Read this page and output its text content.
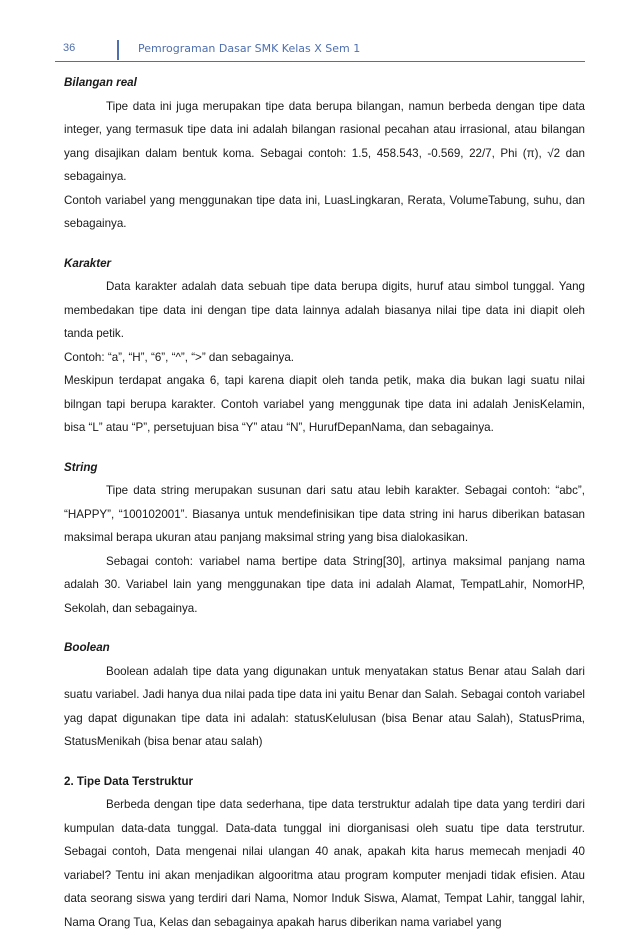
36	Pemrograman Dasar SMK Kelas X Sem 1
Bilangan real

Tipe data ini juga merupakan tipe data berupa bilangan, namun berbeda dengan tipe data integer, yang termasuk tipe data ini adalah bilangan rasional pecahan atau irrasional, atau bilangan yang disajikan dalam bentuk koma. Sebagai contoh: 1.5, 458.543, -0.569, 22/7, Phi (π), √2 dan sebagainya.

Contoh variabel yang menggunakan tipe data ini, LuasLingkaran, Rerata, VolumeTabung, suhu, dan sebagainya.

Karakter

Data karakter adalah data sebuah tipe data berupa digits, huruf atau simbol tunggal. Yang membedakan tipe data ini dengan tipe data lainnya adalah biasanya nilai tipe data ini diapit oleh tanda petik.

Contoh: “a”, “H”, “6”, “^”, “>” dan sebagainya.

Meskipun terdapat angaka 6, tapi karena diapit oleh tanda petik, maka dia bukan lagi suatu nilai bilngan tapi berupa karakter. Contoh variabel yang menggunak tipe data ini adalah JenisKelamin, bisa “L” atau “P”, persetujuan bisa “Y” atau “N”, HurufDepanNama, dan sebagainya.

String

Tipe data string merupakan susunan dari satu atau lebih karakter. Sebagai contoh: “abc”, “HAPPY”, “100102001”. Biasanya untuk mendefinisikan tipe data string ini harus diberikan batasan maksimal berapa ukuran atau panjang maksimal string yang bisa dialokasikan.

Sebagai contoh: variabel nama bertipe data String[30], artinya maksimal panjang nama adalah 30. Variabel lain yang menggunakan tipe data ini adalah Alamat, TempatLahir, NomorHP, Sekolah, dan sebagainya.

Boolean

Boolean adalah tipe data yang digunakan untuk menyatakan status Benar atau Salah dari suatu variabel. Jadi hanya dua nilai pada tipe data ini yaitu Benar dan Salah. Sebagai contoh variabel yag dapat digunakan tipe data ini adalah: statusKelulusan (bisa Benar atau Salah), StatusPrima, StatusMenikah (bisa benar atau salah)

2. Tipe Data Terstruktur

Berbeda dengan tipe data sederhana, tipe data terstruktur adalah tipe data yang terdiri dari kumpulan data-data tunggal. Data-data tunggal ini diorganisasi oleh suatu tipe data terstrutur. Sebagai contoh, Data mengenai nilai ulangan 40 anak, apakah kita harus memecah menjadi 40 variabel? Tentu ini akan menjadikan algooritma atau program komputer menjadi tidak efisien. Atau data seorang siswa yang terdiri dari Nama, Nomor Induk Siswa, Alamat, Tempat Lahir, tanggal lahir, Nama Orang Tua, Kelas dan sebagainya apakah harus diberikan nama variabel yang
